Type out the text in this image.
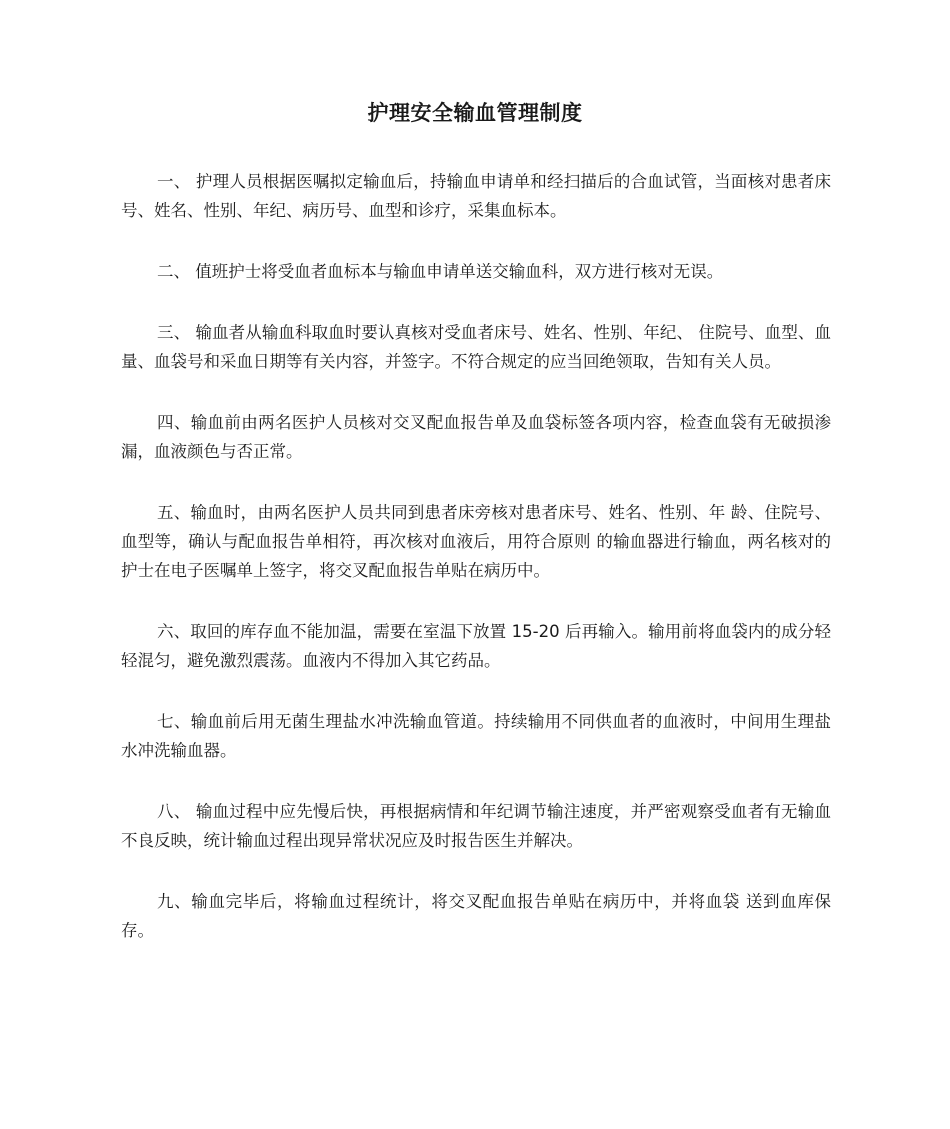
护理安全输血管理制度

一、 护理人员根据医嘱拟定输血后，持输血申请单和经扫描后的合血试管，当面核对患者床号、姓名、性别、年纪、病历号、血型和诊疗，采集血标本。

二、 值班护士将受血者血标本与输血申请单送交输血科，双方进行核对无误。

三、 输血者从输血科取血时要认真核对受血者床号、姓名、性别、年纪、 住院号、血型、血量、血袋号和采血日期等有关内容，并签字。不符合规定的应当回绝领取，告知有关人员。

四、输血前由两名医护人员核对交叉配血报告单及血袋标签各项内容，检查血袋有无破损渗漏，血液颜色与否正常。

五、输血时，由两名医护人员共同到患者床旁核对患者床号、姓名、性别、年 龄、住院号、血型等，确认与配血报告单相符，再次核对血液后，用符合原则 的输血器进行输血，两名核对的护士在电子医嘱单上签字，将交叉配血报告单贴在病历中。

六、取回的库存血不能加温，需要在室温下放置 15-20 后再输入。输用前将血袋内的成分轻轻混匀，避免激烈震荡。血液内不得加入其它药品。

七、输血前后用无菌生理盐水冲洗输血管道。持续输用不同供血者的血液时，中间用生理盐水冲洗输血器。

八、 输血过程中应先慢后快，再根据病情和年纪调节输注速度，并严密观察受血者有无输血不良反映，统计输血过程出现异常状况应及时报告医生并解决。

九、输血完毕后，将输血过程统计，将交叉配血报告单贴在病历中，并将血袋 送到血库保存。
